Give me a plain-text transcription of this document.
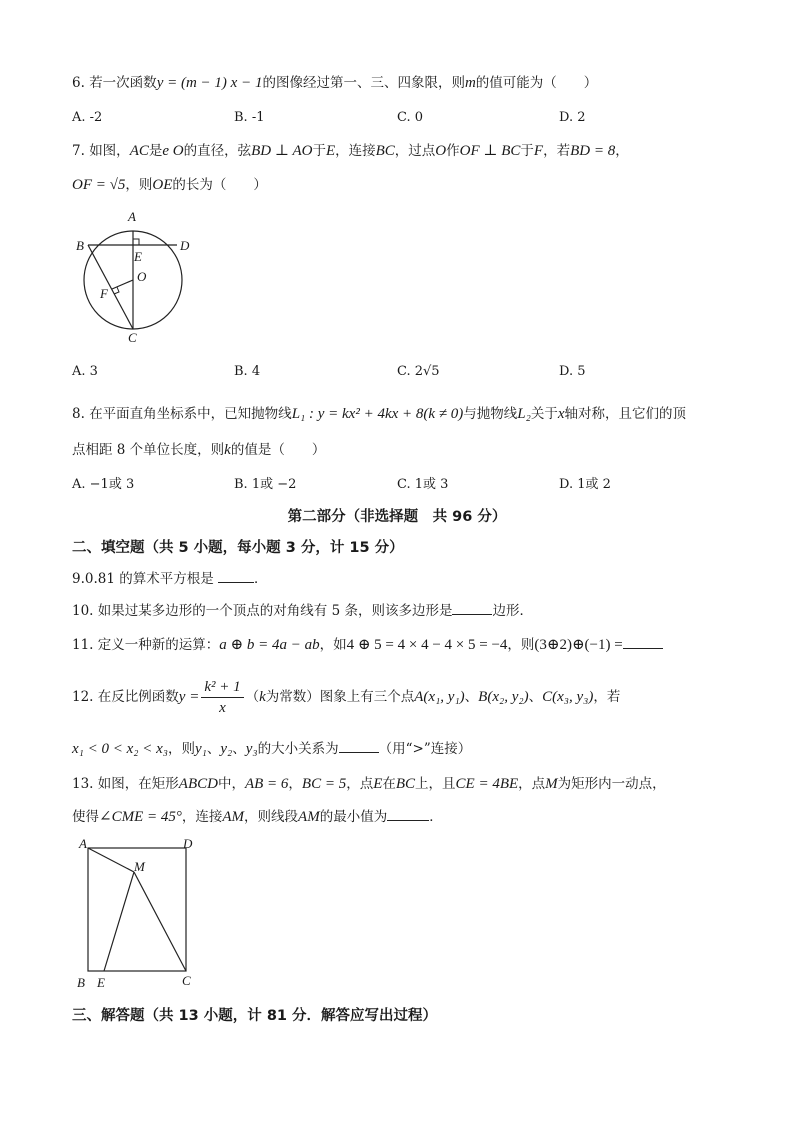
6. 若一次函数y = (m − 1) x − 1的图像经过第一、三、四象限，则m的值可能为（　　）
A. -2	B. -1	C. 0	D. 2
7. 如图，AC是e O的直径，弦BD ⊥ AO于E，连接BC，过点O作OF ⊥ BC于F，若BD = 8，
OF = √5，则OE的长为（　　）
A
B	D
E
O
F
C
A. 3	B. 4	C. 2√5	D. 5
8. 在平面直角坐标系中，已知抛物线L₁ : y = kx² + 4kx + 8(k ≠ 0)与抛物线L₂关于x轴对称，且它们的顶
点相距 8 个单位长度，则k的值是（　　）
A. −1或 3	B. 1或 −2	C. 1或 3	D. 1或 2
第二部分（非选择题　共 96 分）
二、填空题（共 5 小题，每小题 3 分，计 15 分）
9.0.81 的算术平方根是	．
10. 如果过某多边形的一个顶点的对角线有 5 条，则该多边形是	边形．
11. 定义一种新的运算：a ⊕ b = 4a − ab，如4 ⊕ 5 = 4 × 4 − 4 × 5 = −4，则(3⊕2)⊕(−1) =
12. 在反比例函数$y = \frac{\text{k² + 1}}{x} (k$为常数）图象上有三个点A(x₁, y₁)、B(x₂, y₂)、C(x₃, y₃)，若
x₁ < 0 < x₂ < x₃，则y₁、y₂、y₃的大小关系为	（用“>”连接）
13. 如图，在矩形ABCD中，AB = 6，BC = 5，点E在BC上，且CE = 4BE，点M为矩形内一动点，
使得∠CME = 45°，连接AM，则线段AM的最小值为	．
A	D
M
B E	C
三、解答题（共 13 小题，计 81 分．解答应写出过程）
